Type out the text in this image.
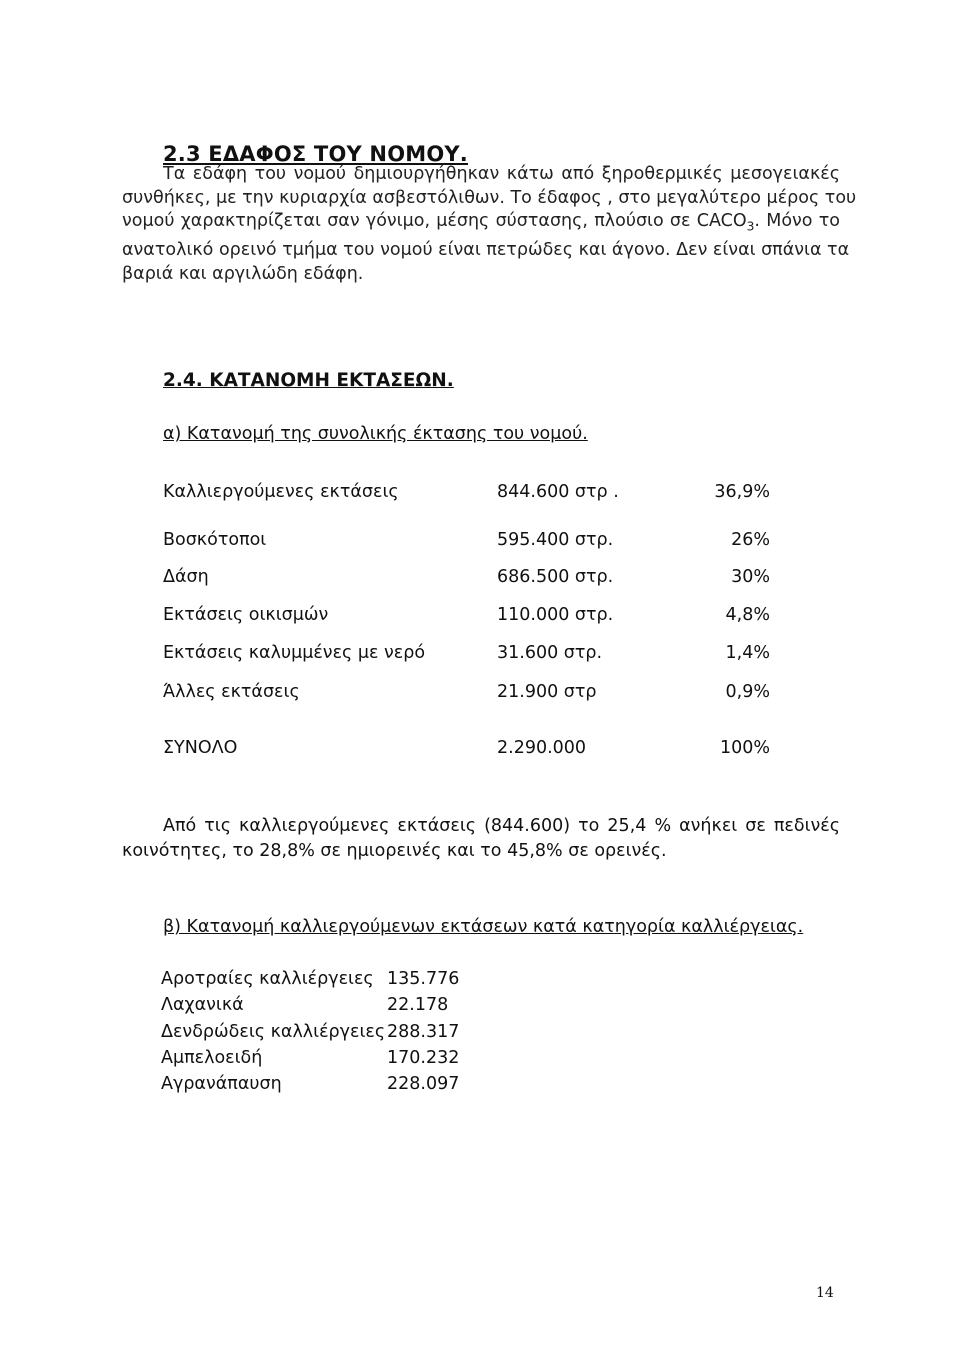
2.3 ΕΔΑΦΟΣ ΤΟΥ ΝΟΜΟΥ.
Τα εδάφη του νομού δημιουργήθηκαν κάτω από ξηροθερμικές μεσογειακές
συνθήκες, με την κυριαρχία ασβεστόλιθων. Το έδαφος , στο μεγαλύτερο μέρος του
νομού χαρακτηρίζεται σαν γόνιμο, μέσης σύστασης, πλούσιο σε $CACO_3$. Μόνο το
ανατολικό ορεινό τμήμα του νομού είναι πετρώδες και άγονο. Δεν είναι σπάνια τα
βαριά και αργιλώδη εδάφη.
2.4. ΚΑΤΑΝΟΜΗ ΕΚΤΑΣΕΩΝ.
α) Κατανομή της συνολικής έκτασης του νομού.
Καλλιεργούμενες εκτάσεις	844.600 στρ .	36,9%
Βοσκότοποι	595.400 στρ.	26%
Δάση	686.500 στρ.	30%
Εκτάσεις οικισμών	110.000 στρ.	4,8%
Εκτάσεις καλυμμένες με νερό	31.600 στρ.	1,4%
Άλλες εκτάσεις	21.900 στρ	0,9%
ΣΥΝΟΛΟ	2.290.000	100%
Από τις καλλιεργούμενες εκτάσεις (844.600) το 25,4 % ανήκει σε πεδινές
κοινότητες, το 28,8% σε ημιορεινές και το 45,8% σε ορεινές.
β) Κατανομή καλλιεργούμενων εκτάσεων κατά κατηγορία καλλιέργειας.
Αροτραίες καλλιέργειες 135.776
Λαχανικά	22.178
Δενδρώδεις καλλιέργειες 288.317
Αμπελοειδή	170.232
Αγρανάπαυση	228.097
14
